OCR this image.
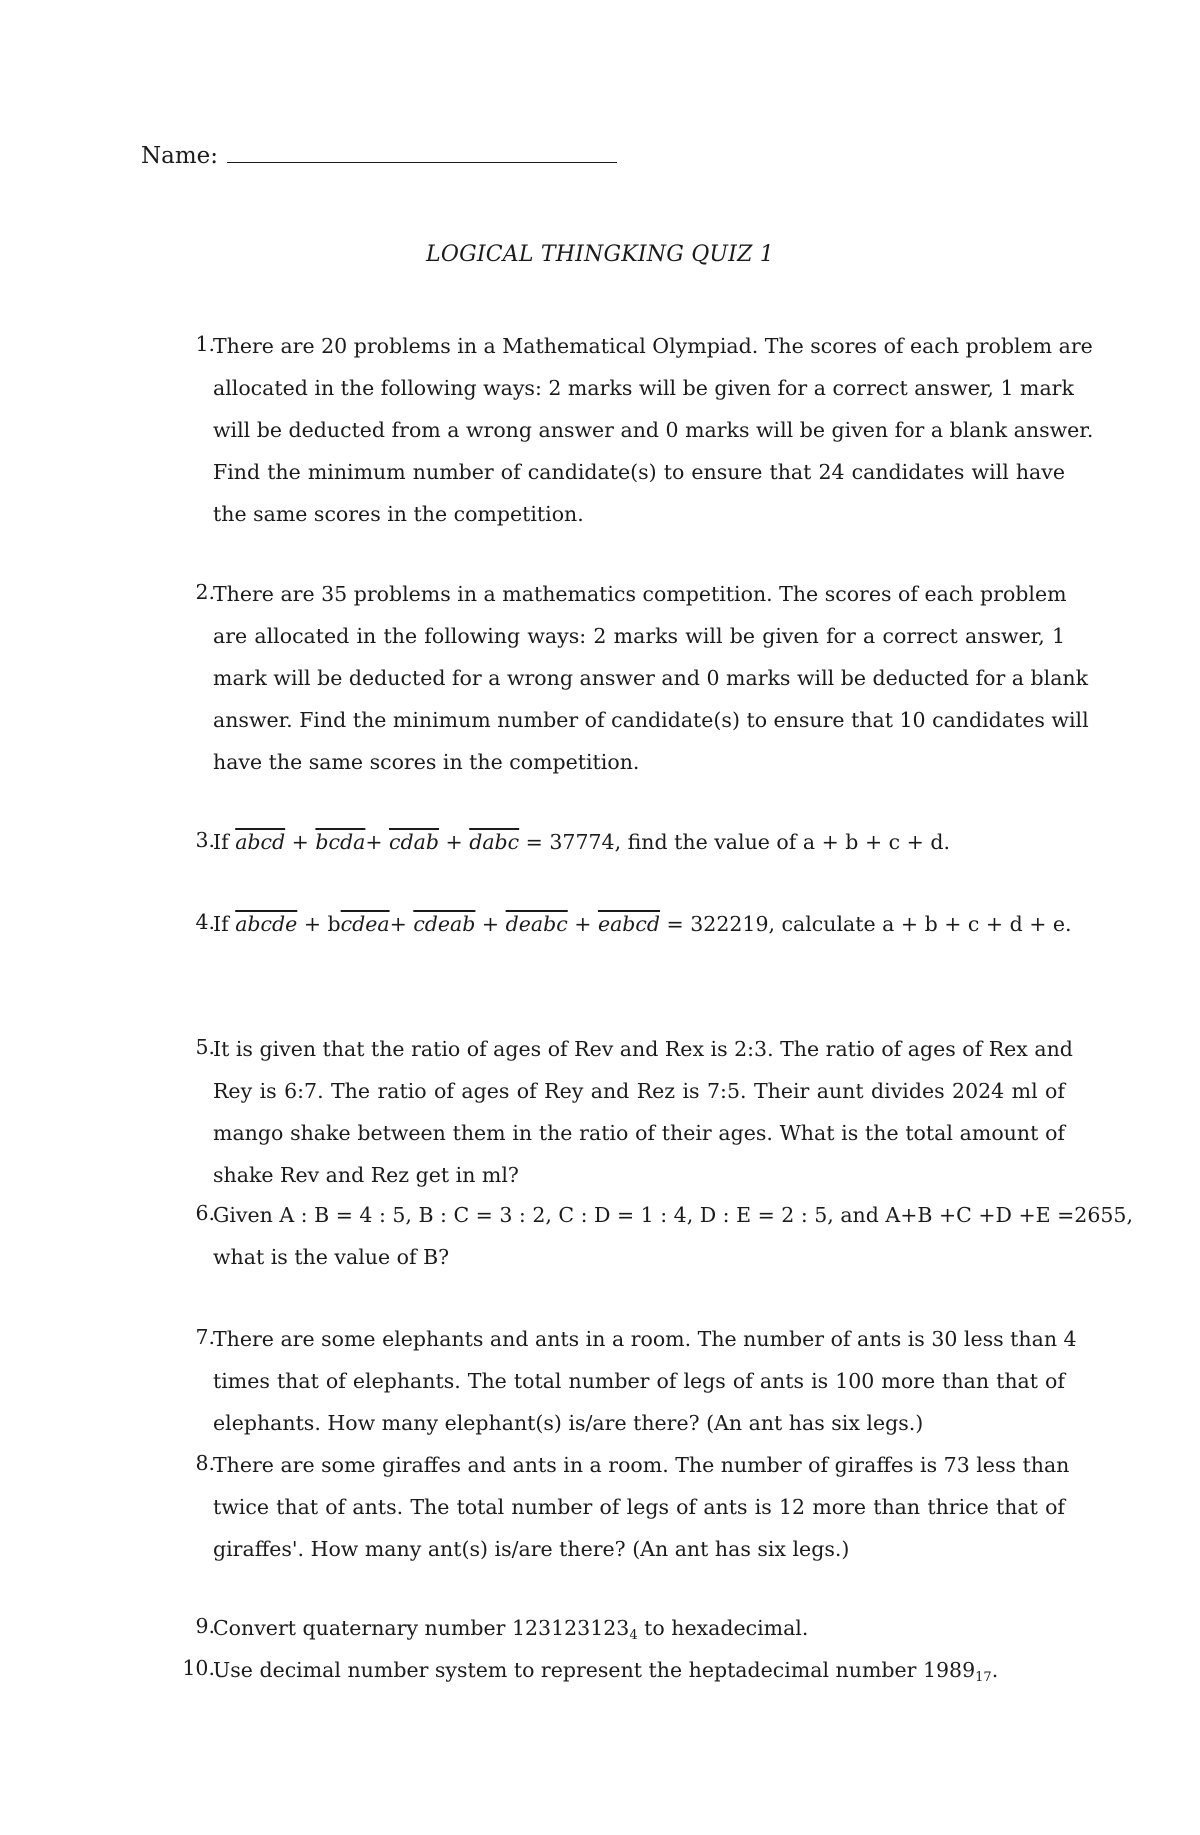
Name:
LOGICAL THINGKING QUIZ 1
1.
There are 20 problems in a Mathematical Olympiad. The scores of each problem are
allocated in the following ways: 2 marks will be given for a correct answer, 1 mark
will be deducted from a wrong answer and 0 marks will be given for a blank answer.
Find the minimum number of candidate(s) to ensure that 24 candidates will have
the same scores in the competition.
2.
There are 35 problems in a mathematics competition. The scores of each problem
are allocated in the following ways: 2 marks will be given for a correct answer, 1
mark will be deducted for a wrong answer and 0 marks will be deducted for a blank
answer. Find the minimum number of candidate(s) to ensure that 10 candidates will
have the same scores in the competition.
3.
If abcd + bcda+ cdab + dabc = 37774, find the value of a + b + c + d.
4.
If abcde + bcdea+ cdeab + deabc + eabcd = 322219, calculate a + b + c + d + e.
5.
It is given that the ratio of ages of Rev and Rex is 2:3. The ratio of ages of Rex and
Rey is 6:7. The ratio of ages of Rey and Rez is 7:5. Their aunt divides 2024 ml of
mango shake between them in the ratio of their ages. What is the total amount of
shake Rev and Rez get in ml?
6.
Given A : B = 4 : 5, B : C = 3 : 2, C : D = 1 : 4, D : E = 2 : 5, and A+B +C +D +E =2655,
what is the value of B?
7.
There are some elephants and ants in a room. The number of ants is 30 less than 4
times that of elephants. The total number of legs of ants is 100 more than that of
elephants. How many elephant(s) is/are there? (An ant has six legs.)
8.
There are some giraffes and ants in a room. The number of giraffes is 73 less than
twice that of ants. The total number of legs of ants is 12 more than thrice that of
giraffes'. How many ant(s) is/are there? (An ant has six legs.)
9.
Convert quaternary number $123123123_4$ to hexadecimal.
10.
Use decimal number system to represent the heptadecimal number $1989_{17}$.
